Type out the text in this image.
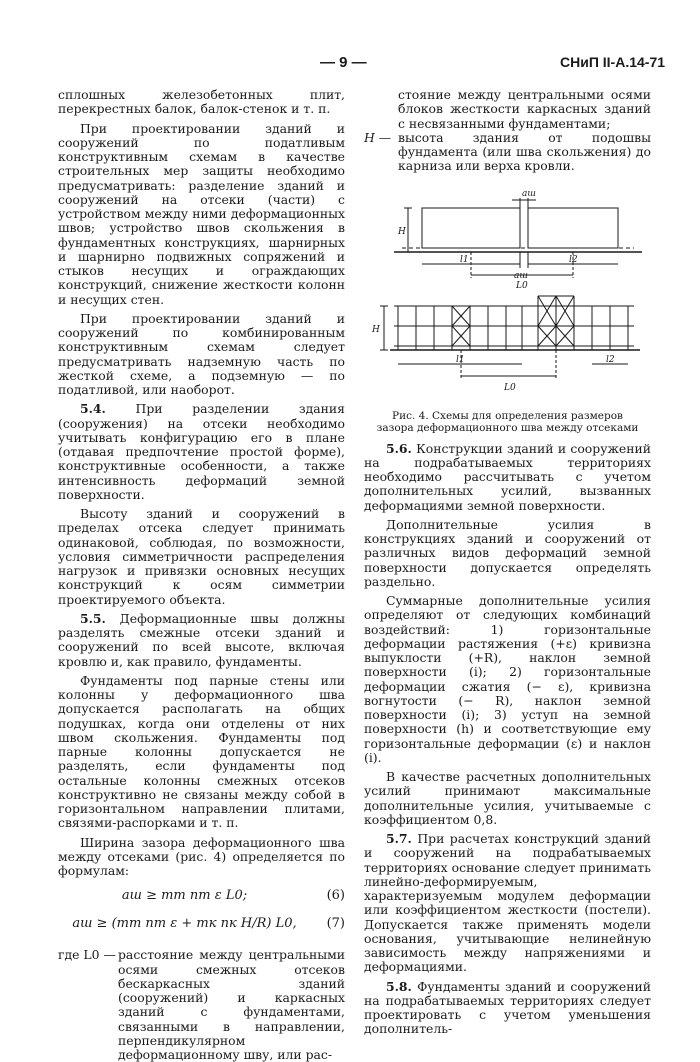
— 9 —	СНиП II-А.14-71

сплошных железобетонных плит, перекрестных балок, балок-стенок и т. п.

При проектировании зданий и сооружений по податливым конструктивным схемам в качестве строительных мер защиты необходимо предусматривать: разделение зданий и сооружений на отсеки (части) с устройством между ними деформационных швов; устройство швов скольжения в фундаментных конструкциях, шарнирных и шарнирно подвижных сопряжений и стыков несущих и ограждающих конструкций, снижение жесткости колонн и несущих стен.

При проектировании зданий и сооружений по комбинированным конструктивным схемам следует предусматривать надземную часть по жесткой схеме, а подземную — по податливой, или наоборот.

5.4. При разделении здания (сооружения) на отсеки необходимо учитывать конфигурацию его в плане (отдавая предпочтение простой форме), конструктивные особенности, а также интенсивность деформаций земной поверхности.

Высоту зданий и сооружений в пределах отсека следует принимать одинаковой, соблюдая, по возможности, условия симметричности распределения нагрузок и привязки основных несущих конструкций к осям симметрии проектируемого объекта.

5.5. Деформационные швы должны разделять смежные отсеки зданий и сооружений по всей высоте, включая кровлю и, как правило, фундаменты.

Фундаменты под парные стены или колонны у деформационного шва допускается располагать на общих подушках, когда они отделены от них швом скольжения. Фундаменты под парные колонны допускается не разделять, если фундаменты под остальные колонны смежных отсеков конструктивно не связаны между собой в горизонтальном направлении плитами, связями-распорками и т. п.

Ширина зазора деформационного шва между отсеками (рис. 4) определяется по формулам:

aш ≥ mт nт ε L0;	(6)
aш ≥ (mт nт ε + mк nк H/R) L0,	(7)
где L0 — расстояние между центральными осями смежных отсеков бескаркасных зданий (сооружений) и каркасных зданий с фундаментами, связанными в направлении, перпендикулярном деформационному шву, или рас-
стояние между центральными осями блоков жесткости каркасных зданий с несвязанными фундаментами;
H — высота здания от подошвы фундамента (или шва скольжения) до карниза или верха кровли.
aш
H
l1
aш
l2
L0
H
l1	l2
L0
Рис. 4. Схемы для определения размеров зазора деформационного шва между отсеками

5.6. Конструкции зданий и сооружений на подрабатываемых территориях необходимо рассчитывать с учетом дополнительных усилий, вызванных деформациями земной поверхности.

Дополнительные усилия в конструкциях зданий и сооружений от различных видов деформаций земной поверхности допускается определять раздельно.

Суммарные дополнительные усилия определяют от следующих комбинаций воздействий: 1) горизонтальные деформации растяжения (+ε) кривизна выпуклости (+R), наклон земной поверхности (i); 2) горизонтальные деформации сжатия (− ε), кривизна вогнутости (− R), наклон земной поверхности (i); 3) уступ на земной поверхности (h) и соответствующие ему горизонтальные деформации (ε) и наклон (i).

В качестве расчетных дополнительных усилий принимают максимальные дополнительные усилия, учитываемые с коэффициентом 0,8.

5.7. При расчетах конструкций зданий и сооружений на подрабатываемых территориях основание следует принимать линейно-деформируемым, характеризуемым модулем деформации или коэффициентом жесткости (постели). Допускается также применять модели основания, учитывающие нелинейную зависимость между напряжениями и деформациями.

5.8. Фундаменты зданий и сооружений на подрабатываемых территориях следует проектировать с учетом уменьшения дополнитель-
